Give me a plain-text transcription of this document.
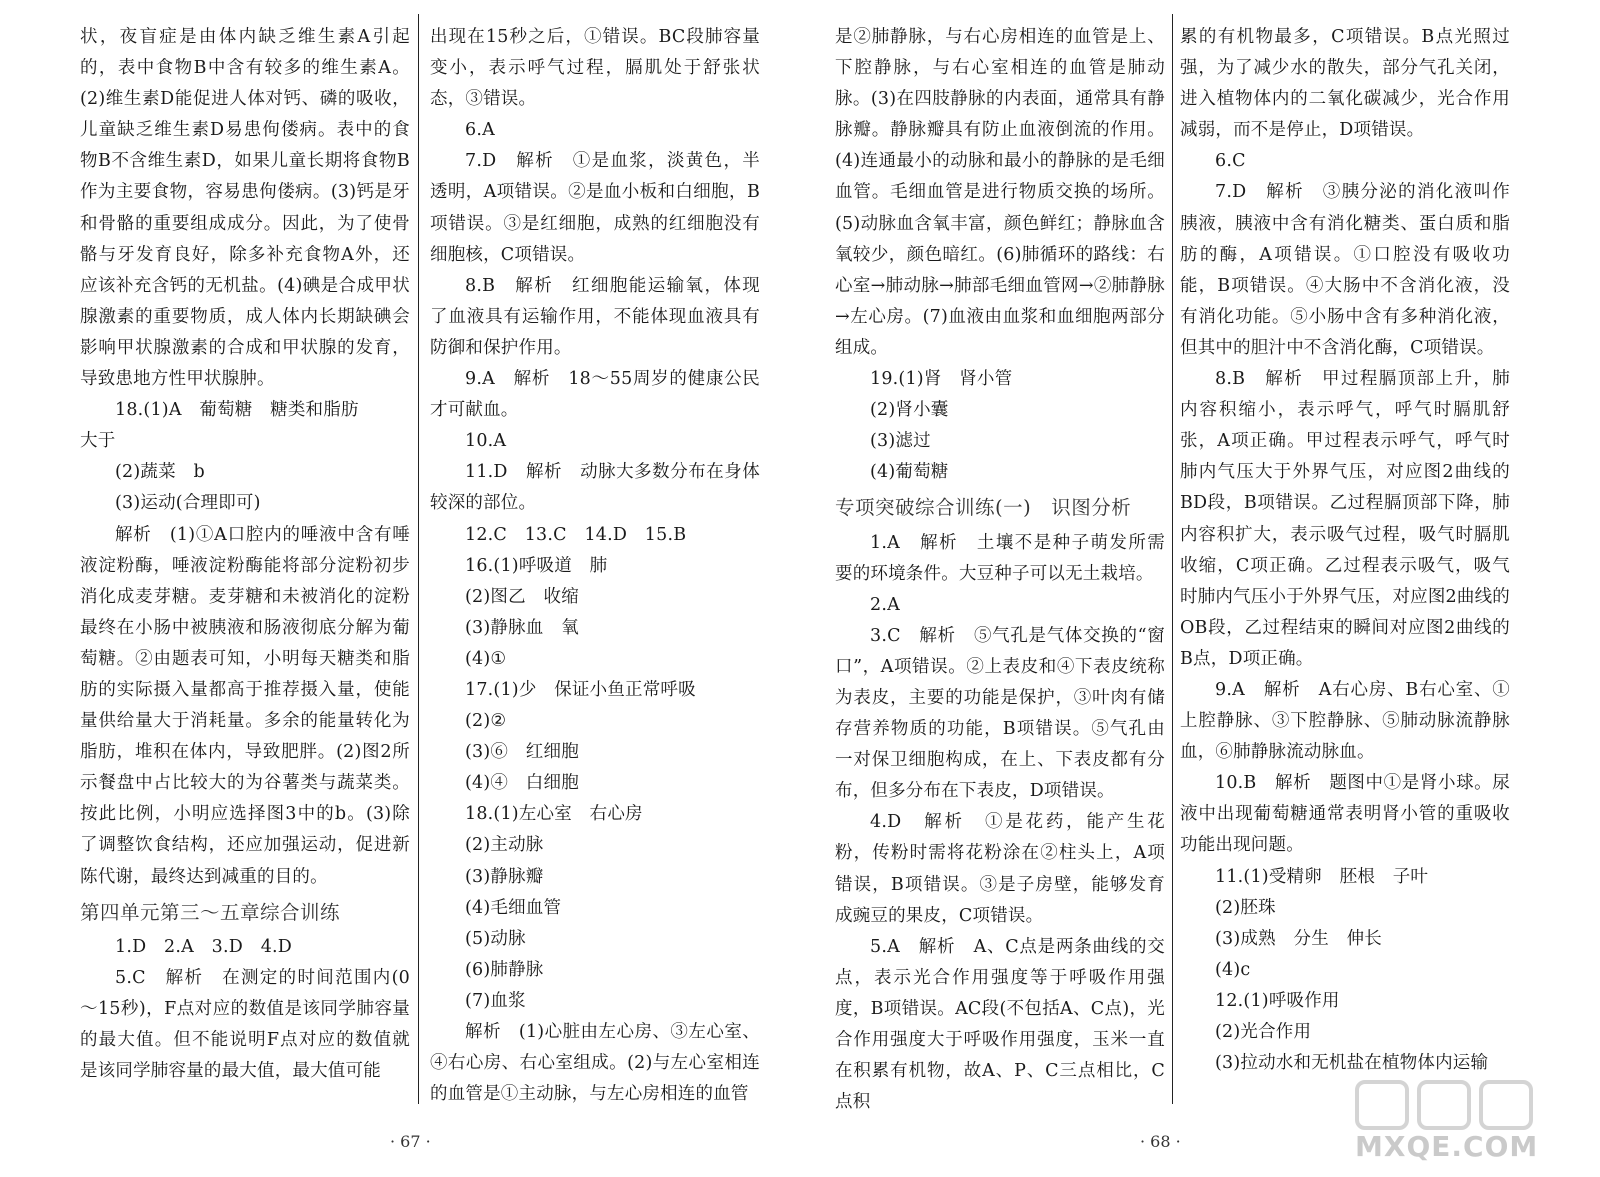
状，夜盲症是由体内缺乏维生素A引起的，表中食物B中含有较多的维生素A。(2)维生素D能促进人体对钙、磷的吸收，儿童缺乏维生素D易患佝偻病。表中的食物B不含维生素D，如果儿童长期将食物B作为主要食物，容易患佝偻病。(3)钙是牙和骨骼的重要组成成分。因此，为了使骨骼与牙发育良好，除多补充食物A外，还应该补充含钙的无机盐。(4)碘是合成甲状腺激素的重要物质，成人体内长期缺碘会影响甲状腺激素的合成和甲状腺的发育，导致患地方性甲状腺肿。

18.(1)A　葡萄糖　糖类和脂肪

大于

(2)蔬菜　b

(3)运动(合理即可)

解析　(1)①A口腔内的唾液中含有唾液淀粉酶，唾液淀粉酶能将部分淀粉初步消化成麦芽糖。麦芽糖和未被消化的淀粉最终在小肠中被胰液和肠液彻底分解为葡萄糖。②由题表可知，小明每天糖类和脂肪的实际摄入量都高于推荐摄入量，使能量供给量大于消耗量。多余的能量转化为脂肪，堆积在体内，导致肥胖。(2)图2所示餐盘中占比较大的为谷薯类与蔬菜类。按此比例，小明应选择图3中的b。(3)除了调整饮食结构，还应加强运动，促进新陈代谢，最终达到减重的目的。

第四单元第三～五章综合训练

1.D　2.A　3.D　4.D

5.C　解析　在测定的时间范围内(0～15秒)，F点对应的数值是该同学肺容量的最大值。但不能说明F点对应的数值就是该同学肺容量的最大值，最大值可能

出现在15秒之后，①错误。BC段肺容量变小，表示呼气过程，膈肌处于舒张状态，③错误。

6.A

7.D　解析　①是血浆，淡黄色，半透明，A项错误。②是血小板和白细胞，B项错误。③是红细胞，成熟的红细胞没有细胞核，C项错误。

8.B　解析　红细胞能运输氧，体现了血液具有运输作用，不能体现血液具有防御和保护作用。

9.A　解析　18～55周岁的健康公民才可献血。

10.A

11.D　解析　动脉大多数分布在身体较深的部位。

12.C　13.C　14.D　15.B

16.(1)呼吸道　肺

(2)图乙　收缩

(3)静脉血　氧

(4)①

17.(1)少　保证小鱼正常呼吸

(2)②

(3)⑥　红细胞

(4)④　白细胞

18.(1)左心室　右心房

(2)主动脉

(3)静脉瓣

(4)毛细血管

(5)动脉

(6)肺静脉

(7)血浆

解析　(1)心脏由左心房、③左心室、④右心房、右心室组成。(2)与左心室相连的血管是①主动脉，与左心房相连的血管

是②肺静脉，与右心房相连的血管是上、下腔静脉，与右心室相连的血管是肺动脉。(3)在四肢静脉的内表面，通常具有静脉瓣。静脉瓣具有防止血液倒流的作用。(4)连通最小的动脉和最小的静脉的是毛细血管。毛细血管是进行物质交换的场所。(5)动脉血含氧丰富，颜色鲜红；静脉血含氧较少，颜色暗红。(6)肺循环的路线：右心室→肺动脉→肺部毛细血管网→②肺静脉→左心房。(7)血液由血浆和血细胞两部分组成。

19.(1)肾　肾小管

(2)肾小囊

(3)滤过

(4)葡萄糖

专项突破综合训练(一)　识图分析

1.A　解析　土壤不是种子萌发所需要的环境条件。大豆种子可以无土栽培。

2.A

3.C　解析　⑤气孔是气体交换的“窗口”，A项错误。②上表皮和④下表皮统称为表皮，主要的功能是保护，③叶肉有储存营养物质的功能，B项错误。⑤气孔由一对保卫细胞构成，在上、下表皮都有分布，但多分布在下表皮，D项错误。

4.D　解析　①是花药，能产生花粉，传粉时需将花粉涂在②柱头上，A项错误，B项错误。③是子房壁，能够发育成豌豆的果皮，C项错误。

5.A　解析　A、C点是两条曲线的交点，表示光合作用强度等于呼吸作用强度，B项错误。AC段(不包括A、C点)，光合作用强度大于呼吸作用强度，玉米一直在积累有机物，故A、P、C三点相比，C点积

累的有机物最多，C项错误。B点光照过强，为了减少水的散失，部分气孔关闭，进入植物体内的二氧化碳减少，光合作用减弱，而不是停止，D项错误。

6.C

7.D　解析　③胰分泌的消化液叫作胰液，胰液中含有消化糖类、蛋白质和脂肪的酶，A项错误。①口腔没有吸收功能，B项错误。④大肠中不含消化液，没有消化功能。⑤小肠中含有多种消化液，但其中的胆汁中不含消化酶，C项错误。

8.B　解析　甲过程膈顶部上升，肺内容积缩小，表示呼气，呼气时膈肌舒张，A项正确。甲过程表示呼气，呼气时肺内气压大于外界气压，对应图2曲线的BD段，B项错误。乙过程膈顶部下降，肺内容积扩大，表示吸气过程，吸气时膈肌收缩，C项正确。乙过程表示吸气，吸气时肺内气压小于外界气压，对应图2曲线的OB段，乙过程结束的瞬间对应图2曲线的B点，D项正确。

9.A　解析　A右心房、B右心室、①上腔静脉、③下腔静脉、⑤肺动脉流静脉血，⑥肺静脉流动脉血。

10.B　解析　题图中①是肾小球。尿液中出现葡萄糖通常表明肾小管的重吸收功能出现问题。

11.(1)受精卵　胚根　子叶

(2)胚珠

(3)成熟　分生　伸长

(4)c

12.(1)呼吸作用

(2)光合作用

(3)拉动水和无机盐在植物体内运输

· 67 ·	· 68 ·	MXQE.COM
